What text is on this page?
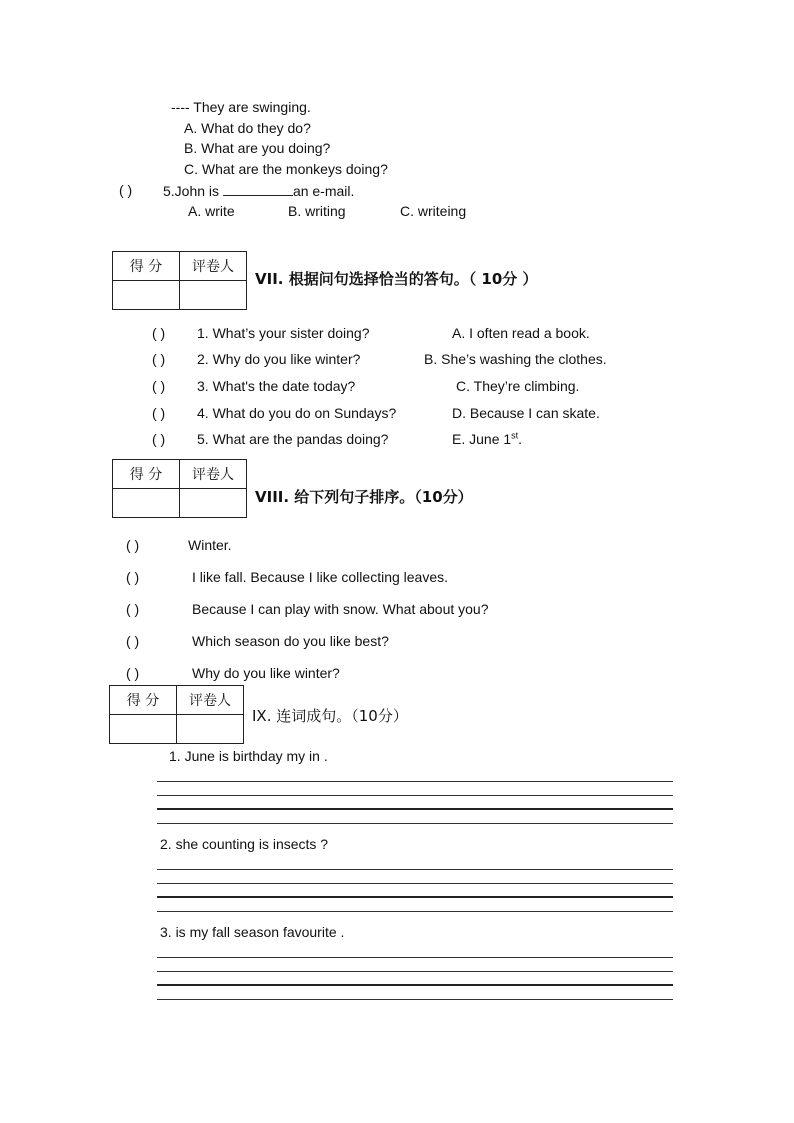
---- They are swinging.
A. What do they do?
B. What are you doing?
C. What are the monkeys doing?
( ) 5.John is	an e-mail.
A. write	B. writing	C. writeing
得 分	评卷人

VII. 根据问句选择恰当的答句。（ 10分 ）
( ) 1. What’s your sister doing?	A. I often read a book.
( ) 2. Why do you like winter?	B. She’s washing the clothes.
( ) 3. What's the date today?	C. They’re climbing.
( ) 4. What do you do on Sundays?	D. Because I can skate.
( ) 5. What are the pandas doing?	E. June 1st.
得 分	评卷人

VIII. 给下列句子排序。（10分）
( )	Winter.
( )	I like fall. Because I like collecting leaves.
( )	Because I can play with snow. What about you?
( )	Which season do you like best?
( )	Why do you like winter?
得 分	评卷人

IX. 连词成句。（10分）
1. June is birthday my in .
2. she counting is insects ?
3. is my fall season favourite .
